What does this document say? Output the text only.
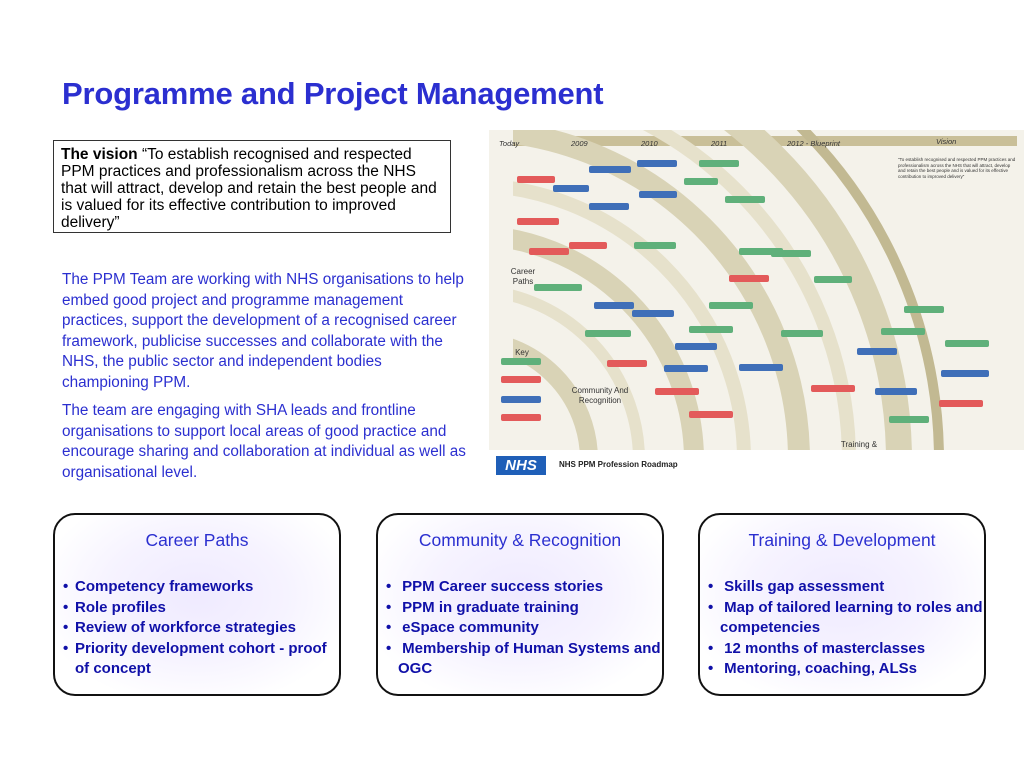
Programme and Project Management
The vision “To establish recognised and respected PPM practices and professionalism across the NHS that will attract, develop and retain the best people and is valued for its effective contribution to improved delivery”

The PPM Team are working with NHS organisations to help embed good project and programme management practices, support the development of a recognised career framework, publicise successes and collaborate with the NHS, the public sector and independent bodies championing PPM.

The team are engaging with SHA leads and frontline organisations to support local areas of good practice and encourage sharing and collaboration at individual as well as organisational level.

Today	2009	2010	2011	2012 - Blueprint	Vision
“To establish recognised and respected PPM practices and professionalism across the NHS that will attract, develop and retain the best people and is valued for its effective contribution to improved delivery”
Career Paths
Key
Community And Recognition
Training &
NHS	NHS PPM Profession Roadmap
Career Paths
• Competency frameworks
• Role profiles
• Review of workforce strategies
• Priority development cohort - proof of concept
Community & Recognition
• PPM Career success stories
• PPM in graduate training
• eSpace community
• Membership of Human Systems and OGC
Training & Development
• Skills gap assessment
• Map of tailored learning to roles and competencies
• 12 months of masterclasses
• Mentoring, coaching, ALSs
